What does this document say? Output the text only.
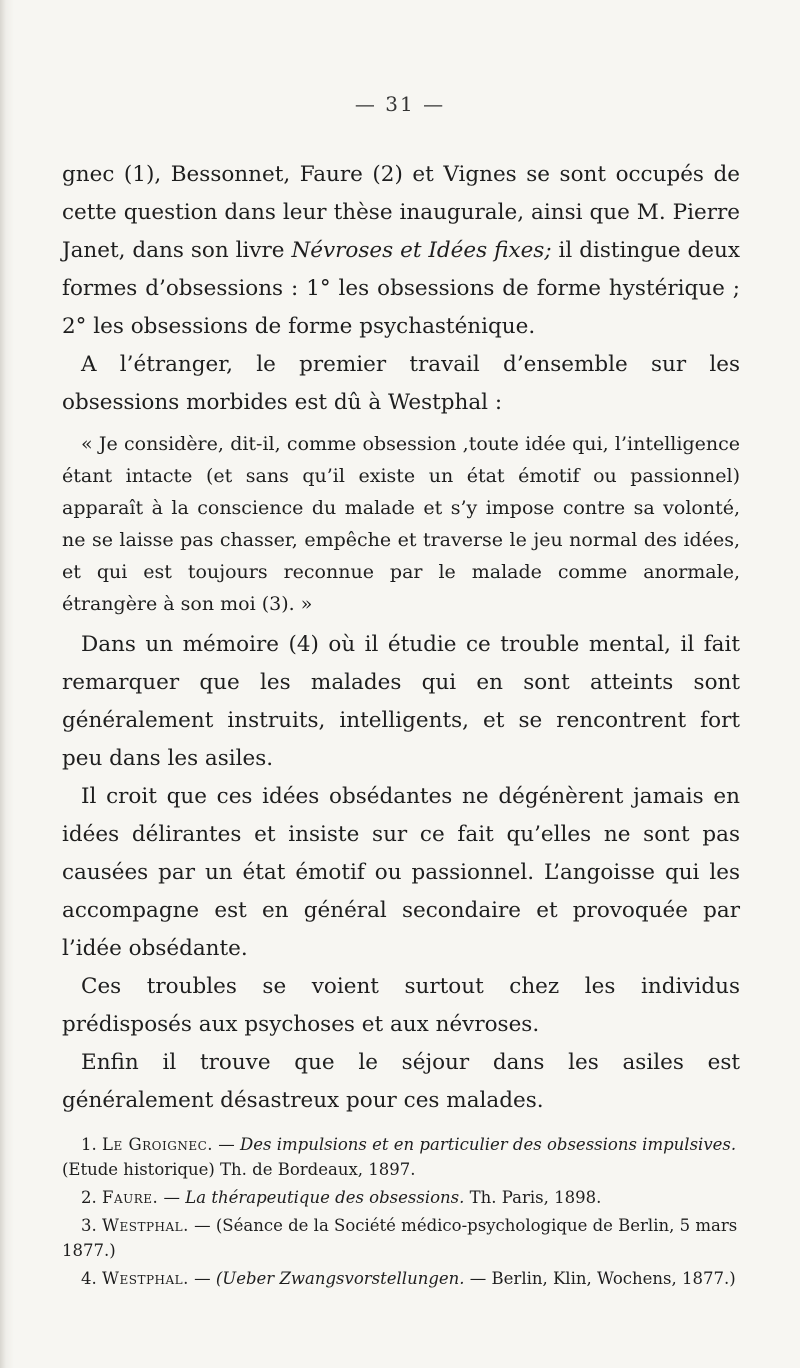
— 31 —

gnec (1), Bessonnet, Faure (2) et Vignes se sont occupés de cette question dans leur thèse inaugurale, ainsi que M. Pierre Janet, dans son livre Névroses et Idées fixes; il distingue deux formes d’obsessions : 1° les obsessions de forme hystérique ; 2° les obsessions de forme psychasténique.

A l’étranger, le premier travail d’ensemble sur les obsessions morbides est dû à Westphal :

« Je considère, dit-il, comme obsession ,toute idée qui, l’intelligence étant intacte (et sans qu’il existe un état émotif ou passionnel) apparaît à la conscience du malade et s’y impose contre sa volonté, ne se laisse pas chasser, empêche et traverse le jeu normal des idées, et qui est toujours reconnue par le malade comme anormale, étrangère à son moi (3). »

Dans un mémoire (4) où il étudie ce trouble mental, il fait remarquer que les malades qui en sont atteints sont généralement instruits, intelligents, et se rencontrent fort peu dans les asiles.

Il croit que ces idées obsédantes ne dégénèrent jamais en idées délirantes et insiste sur ce fait qu’elles ne sont pas causées par un état émotif ou passionnel. L’angoisse qui les accompagne est en général secondaire et provoquée par l’idée obsédante.

Ces troubles se voient surtout chez les individus prédisposés aux psychoses et aux névroses.

Enfin il trouve que le séjour dans les asiles est généralement désastreux pour ces malades.

1. Le Groignec. — Des impulsions et en particulier des obsessions impulsives. (Etude historique) Th. de Bordeaux, 1897.

2. Faure. — La thérapeutique des obsessions. Th. Paris, 1898.

3. Westphal. — (Séance de la Société médico-psychologique de Berlin, 5 mars 1877.)

4. Westphal. — (Ueber Zwangsvorstellungen. — Berlin, Klin, Wochens, 1877.)
